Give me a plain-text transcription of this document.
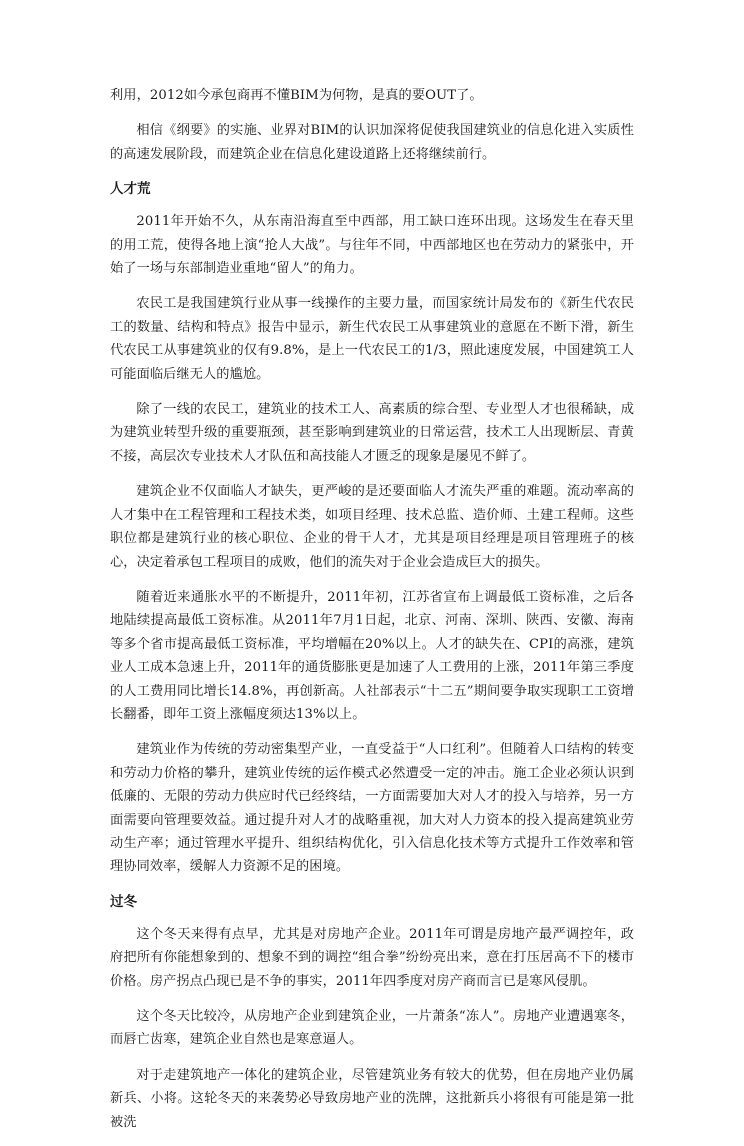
利用，2012如今承包商再不懂BIM为何物，是真的要OUT了。

相信《纲要》的实施、业界对BIM的认识加深将促使我国建筑业的信息化进入实质性的高速发展阶段，而建筑企业在信息化建设道路上还将继续前行。

人才荒

2011年开始不久，从东南沿海直至中西部，用工缺口连环出现。这场发生在春天里的用工荒，使得各地上演“抢人大战”。与往年不同，中西部地区也在劳动力的紧张中，开始了一场与东部制造业重地“留人”的角力。

农民工是我国建筑行业从事一线操作的主要力量，而国家统计局发布的《新生代农民工的数量、结构和特点》报告中显示，新生代农民工从事建筑业的意愿在不断下滑，新生代农民工从事建筑业的仅有9.8%，是上一代农民工的1/3，照此速度发展，中国建筑工人可能面临后继无人的尴尬。

除了一线的农民工，建筑业的技术工人、高素质的综合型、专业型人才也很稀缺，成为建筑业转型升级的重要瓶颈，甚至影响到建筑业的日常运营，技术工人出现断层、青黄不接，高层次专业技术人才队伍和高技能人才匮乏的现象是屡见不鲜了。

建筑企业不仅面临人才缺失，更严峻的是还要面临人才流失严重的难题。流动率高的人才集中在工程管理和工程技术类，如项目经理、技术总监、造价师、土建工程师。这些职位都是建筑行业的核心职位、企业的骨干人才，尤其是项目经理是项目管理班子的核心，决定着承包工程项目的成败，他们的流失对于企业会造成巨大的损失。

随着近来通胀水平的不断提升，2011年初，江苏省宣布上调最低工资标准，之后各地陆续提高最低工资标准。从2011年7月1日起，北京、河南、深圳、陕西、安徽、海南等多个省市提高最低工资标准，平均增幅在20%以上。人才的缺失在、CPI的高涨，建筑业人工成本急速上升，2011年的通货膨胀更是加速了人工费用的上涨，2011年第三季度的人工费用同比增长14.8%，再创新高。人社部表示“十二五”期间要争取实现职工工资增长翻番，即年工资上涨幅度须达13%以上。

建筑业作为传统的劳动密集型产业，一直受益于“人口红利”。但随着人口结构的转变和劳动力价格的攀升，建筑业传统的运作模式必然遭受一定的冲击。施工企业必须认识到低廉的、无限的劳动力供应时代已经终结，一方面需要加大对人才的投入与培养，另一方面需要向管理要效益。通过提升对人才的战略重视，加大对人力资本的投入提高建筑业劳动生产率；通过管理水平提升、组织结构优化，引入信息化技术等方式提升工作效率和管理协同效率，缓解人力资源不足的困境。

过冬

这个冬天来得有点早，尤其是对房地产企业。2011年可谓是房地产最严调控年，政府把所有你能想象到的、想象不到的调控“组合拳”纷纷亮出来，意在打压居高不下的楼市价格。房产拐点凸现已是不争的事实，2011年四季度对房产商而言已是寒风侵肌。

这个冬天比较冷，从房地产企业到建筑企业，一片萧条“冻人”。房地产业遭遇寒冬，而唇亡齿寒，建筑企业自然也是寒意逼人。

对于走建筑地产一体化的建筑企业，尽管建筑业务有较大的优势，但在房地产业仍属新兵、小将。这轮冬天的来袭势必导致房地产业的洗牌，这批新兵小将很有可能是第一批被洗
